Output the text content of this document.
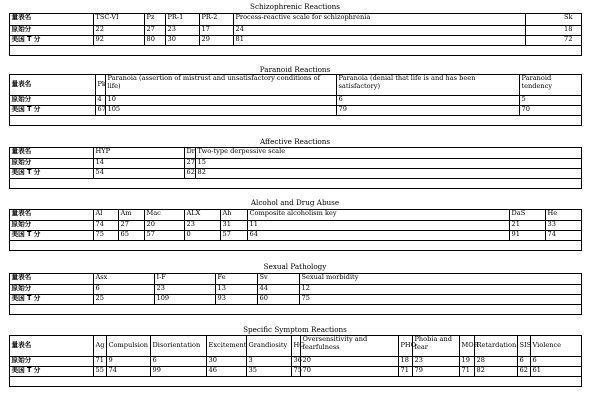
Schizophrenic Reactions
量表名	TSC-VI	Pz	PR-1	PR-2	Process-reactive scale for schizophrenia	Sk
原始分	22	27	23	17	24	18
美国 T 分	92	80	30	29	81	72

Paranoid Reactions
量表名	Pk	Paranoia (assertion of mistrust and unsatisfactory conditions of life)	Paranoia (denial that life is and has been satisfactory)	Paranoid tendency
原始分	4	10	6	5
美国 T 分	67	105	79	70

Affective Reactions
量表名	HYP	Dr	Two-type derpessive scale
原始分	14	27	15
美国 T 分	54	62	82

Alcohol and Drug Abuse
量表名	Al	Am	Mac	ALX	Ah	Composite alcoholism key	DaS	He
原始分	74	27	20	23	31	11	21	33
美国 T 分	75	65	57	0	57	64	91	74

Sexual Pathology
量表名	Asx	I-F	Fe	Sv	Sexual morbidity
原始分	6	23	13	44	12
美国 T 分	25	109	93	60	75

Specific Symptom Reactions
量表名	Ag	Compulsion	Disorientation	Excitement	Grandiosity	HC	Oversensitivity and fearfulness	PHO	Phobia and fear	MOR	Retardation	SIS	Violence
原始分	71	9	6	30	3	36	20	18	23	19	28	6	6
美国 T 分	55	74	99	46	35	75	70	71	79	71	82	62	61
